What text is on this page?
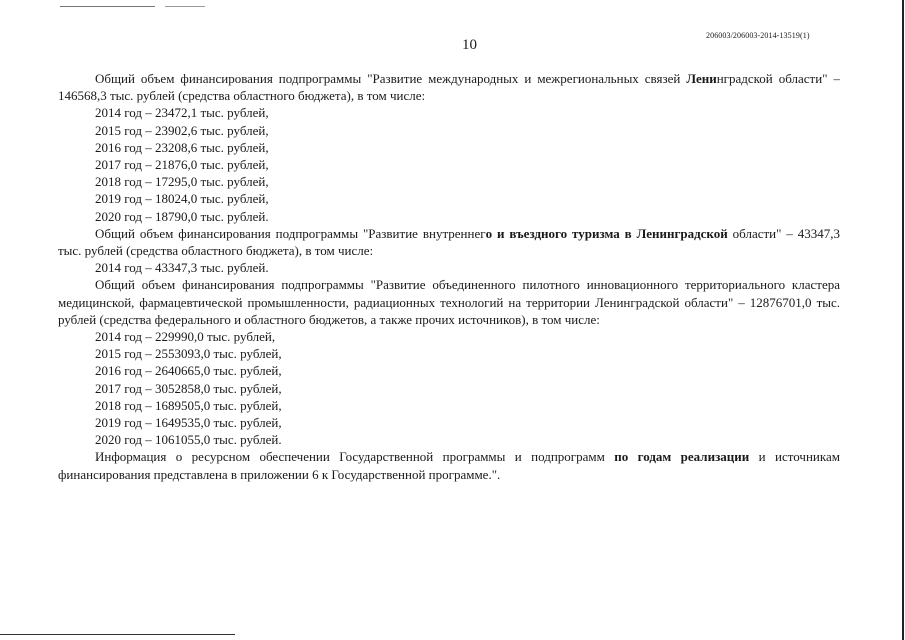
10
206003/206003-2014-13519(1)

Общий объем финансирования подпрограммы "Развитие международных и межрегиональных связей Ленинградской области" – 146568,3 тыс. рублей (средства областного бюджета), в том числе:

2014 год – 23472,1 тыс. рублей,
2015 год – 23902,6 тыс. рублей,
2016 год – 23208,6 тыс. рублей,
2017 год – 21876,0 тыс. рублей,
2018 год – 17295,0 тыс. рублей,
2019 год – 18024,0 тыс. рублей,
2020 год – 18790,0 тыс. рублей.

Общий объем финансирования подпрограммы "Развитие внутреннего и въездного туризма в Ленинградской области" – 43347,3 тыс. рублей (средства областного бюджета), в том числе:

2014 год – 43347,3 тыс. рублей.

Общий объем финансирования подпрограммы "Развитие объединенного пилотного инновационного территориального кластера медицинской, фармацевтической промышленности, радиационных технологий на территории Ленинградской области" – 12876701,0 тыс. рублей (средства федерального и областного бюджетов, а также прочих источников), в том числе:

2014 год – 229990,0 тыс. рублей,
2015 год – 2553093,0 тыс. рублей,
2016 год – 2640665,0 тыс. рублей,
2017 год – 3052858,0 тыс. рублей,
2018 год – 1689505,0 тыс. рублей,
2019 год – 1649535,0 тыс. рублей,
2020 год – 1061055,0 тыс. рублей.

Информация о ресурсном обеспечении Государственной программы и подпрограмм по годам реализации и источникам финансирования представлена в приложении 6 к Государственной программе.".
